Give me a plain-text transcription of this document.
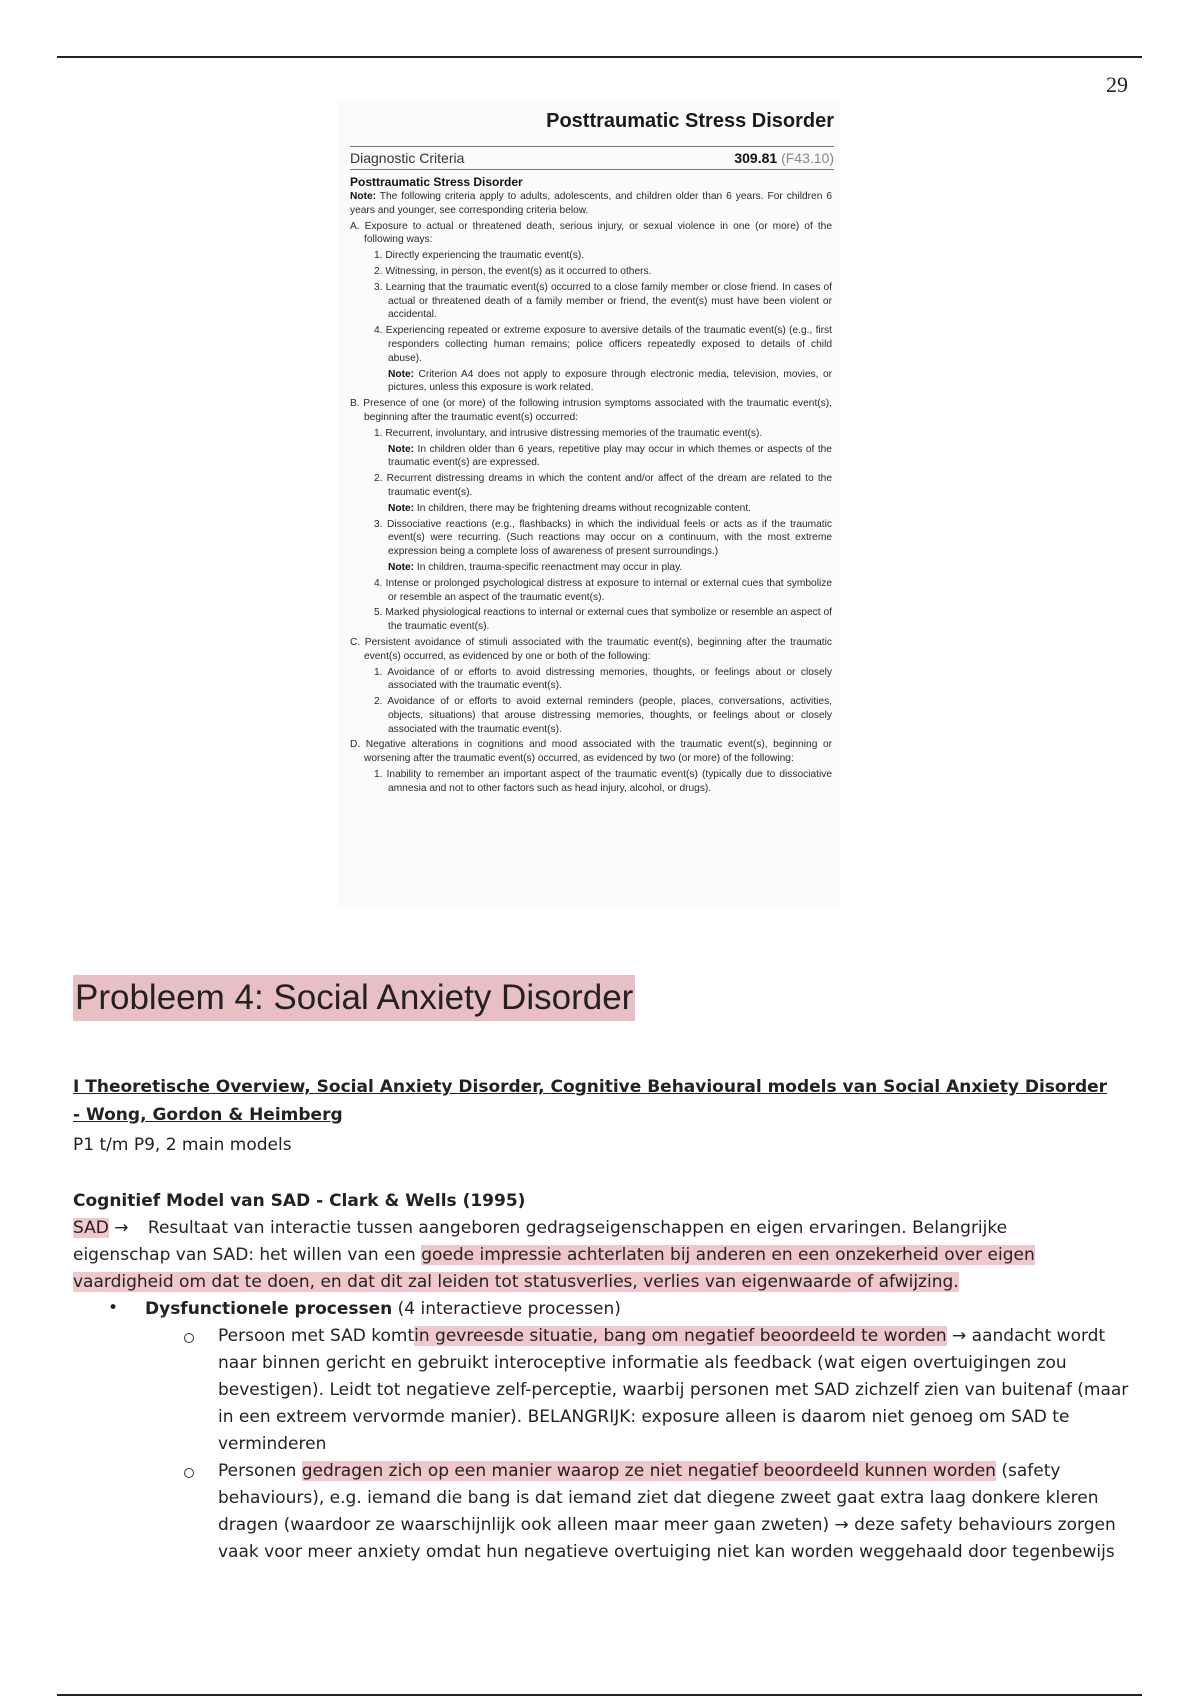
29
Posttraumatic Stress Disorder
Diagnostic Criteria	309.81 (F43.10)

Posttraumatic Stress Disorder

Note: The following criteria apply to adults, adolescents, and children older than 6 years. For children 6 years and younger, see corresponding criteria below.

A. Exposure to actual or threatened death, serious injury, or sexual violence in one (or more) of the following ways:

1. Directly experiencing the traumatic event(s).

2. Witnessing, in person, the event(s) as it occurred to others.

3. Learning that the traumatic event(s) occurred to a close family member or close friend. In cases of actual or threatened death of a family member or friend, the event(s) must have been violent or accidental.

4. Experiencing repeated or extreme exposure to aversive details of the traumatic event(s) (e.g., first responders collecting human remains; police officers repeatedly exposed to details of child abuse).

Note: Criterion A4 does not apply to exposure through electronic media, television, movies, or pictures, unless this exposure is work related.

B. Presence of one (or more) of the following intrusion symptoms associated with the traumatic event(s), beginning after the traumatic event(s) occurred:

1. Recurrent, involuntary, and intrusive distressing memories of the traumatic event(s).

Note: In children older than 6 years, repetitive play may occur in which themes or aspects of the traumatic event(s) are expressed.

2. Recurrent distressing dreams in which the content and/or affect of the dream are related to the traumatic event(s).

Note: In children, there may be frightening dreams without recognizable content.

3. Dissociative reactions (e.g., flashbacks) in which the individual feels or acts as if the traumatic event(s) were recurring. (Such reactions may occur on a continuum, with the most extreme expression being a complete loss of awareness of present surroundings.)

Note: In children, trauma-specific reenactment may occur in play.

4. Intense or prolonged psychological distress at exposure to internal or external cues that symbolize or resemble an aspect of the traumatic event(s).

5. Marked physiological reactions to internal or external cues that symbolize or resemble an aspect of the traumatic event(s).

C. Persistent avoidance of stimuli associated with the traumatic event(s), beginning after the traumatic event(s) occurred, as evidenced by one or both of the following:

1. Avoidance of or efforts to avoid distressing memories, thoughts, or feelings about or closely associated with the traumatic event(s).

2. Avoidance of or efforts to avoid external reminders (people, places, conversations, activities, objects, situations) that arouse distressing memories, thoughts, or feelings about or closely associated with the traumatic event(s).

D. Negative alterations in cognitions and mood associated with the traumatic event(s), beginning or worsening after the traumatic event(s) occurred, as evidenced by two (or more) of the following:

1. Inability to remember an important aspect of the traumatic event(s) (typically due to dissociative amnesia and not to other factors such as head injury, alcohol, or drugs).

Probleem 4: Social Anxiety Disorder
I Theoretische Overview, Social Anxiety Disorder, Cognitive Behavioural models van Social Anxiety Disorder - Wong, Gordon & Heimberg
P1 t/m P9, 2 main models
Cognitief Model van SAD - Clark & Wells (1995)
SAD → Resultaat van interactie tussen aangeboren gedragseigenschappen en eigen ervaringen. Belangrijke
eigenschap van SAD: het willen van een goede impressie achterlaten bij anderen en een onzekerheid over eigen
vaardigheid om dat te doen, en dat dit zal leiden tot statusverlies, verlies van eigenwaarde of afwijzing.
• Dysfunctionele processen (4 interactieve processen)
Persoon met SAD komtin gevreesde situatie, bang om negatief beoordeeld te worden → aandacht wordt naar binnen gericht en gebruikt interoceptive informatie als feedback (wat eigen overtuigingen zou bevestigen). Leidt tot negatieve zelf-perceptie, waarbij personen met SAD zichzelf zien van buitenaf (maar in een extreem vervormde manier). BELANGRIJK: exposure alleen is daarom niet genoeg om SAD te verminderen
Personen gedragen zich op een manier waarop ze niet negatief beoordeeld kunnen worden (safety behaviours), e.g. iemand die bang is dat iemand ziet dat diegene zweet gaat extra laag donkere kleren dragen (waardoor ze waarschijnlijk ook alleen maar meer gaan zweten) → deze safety behaviours zorgen vaak voor meer anxiety omdat hun negatieve overtuiging niet kan worden weggehaald door tegenbewijs
